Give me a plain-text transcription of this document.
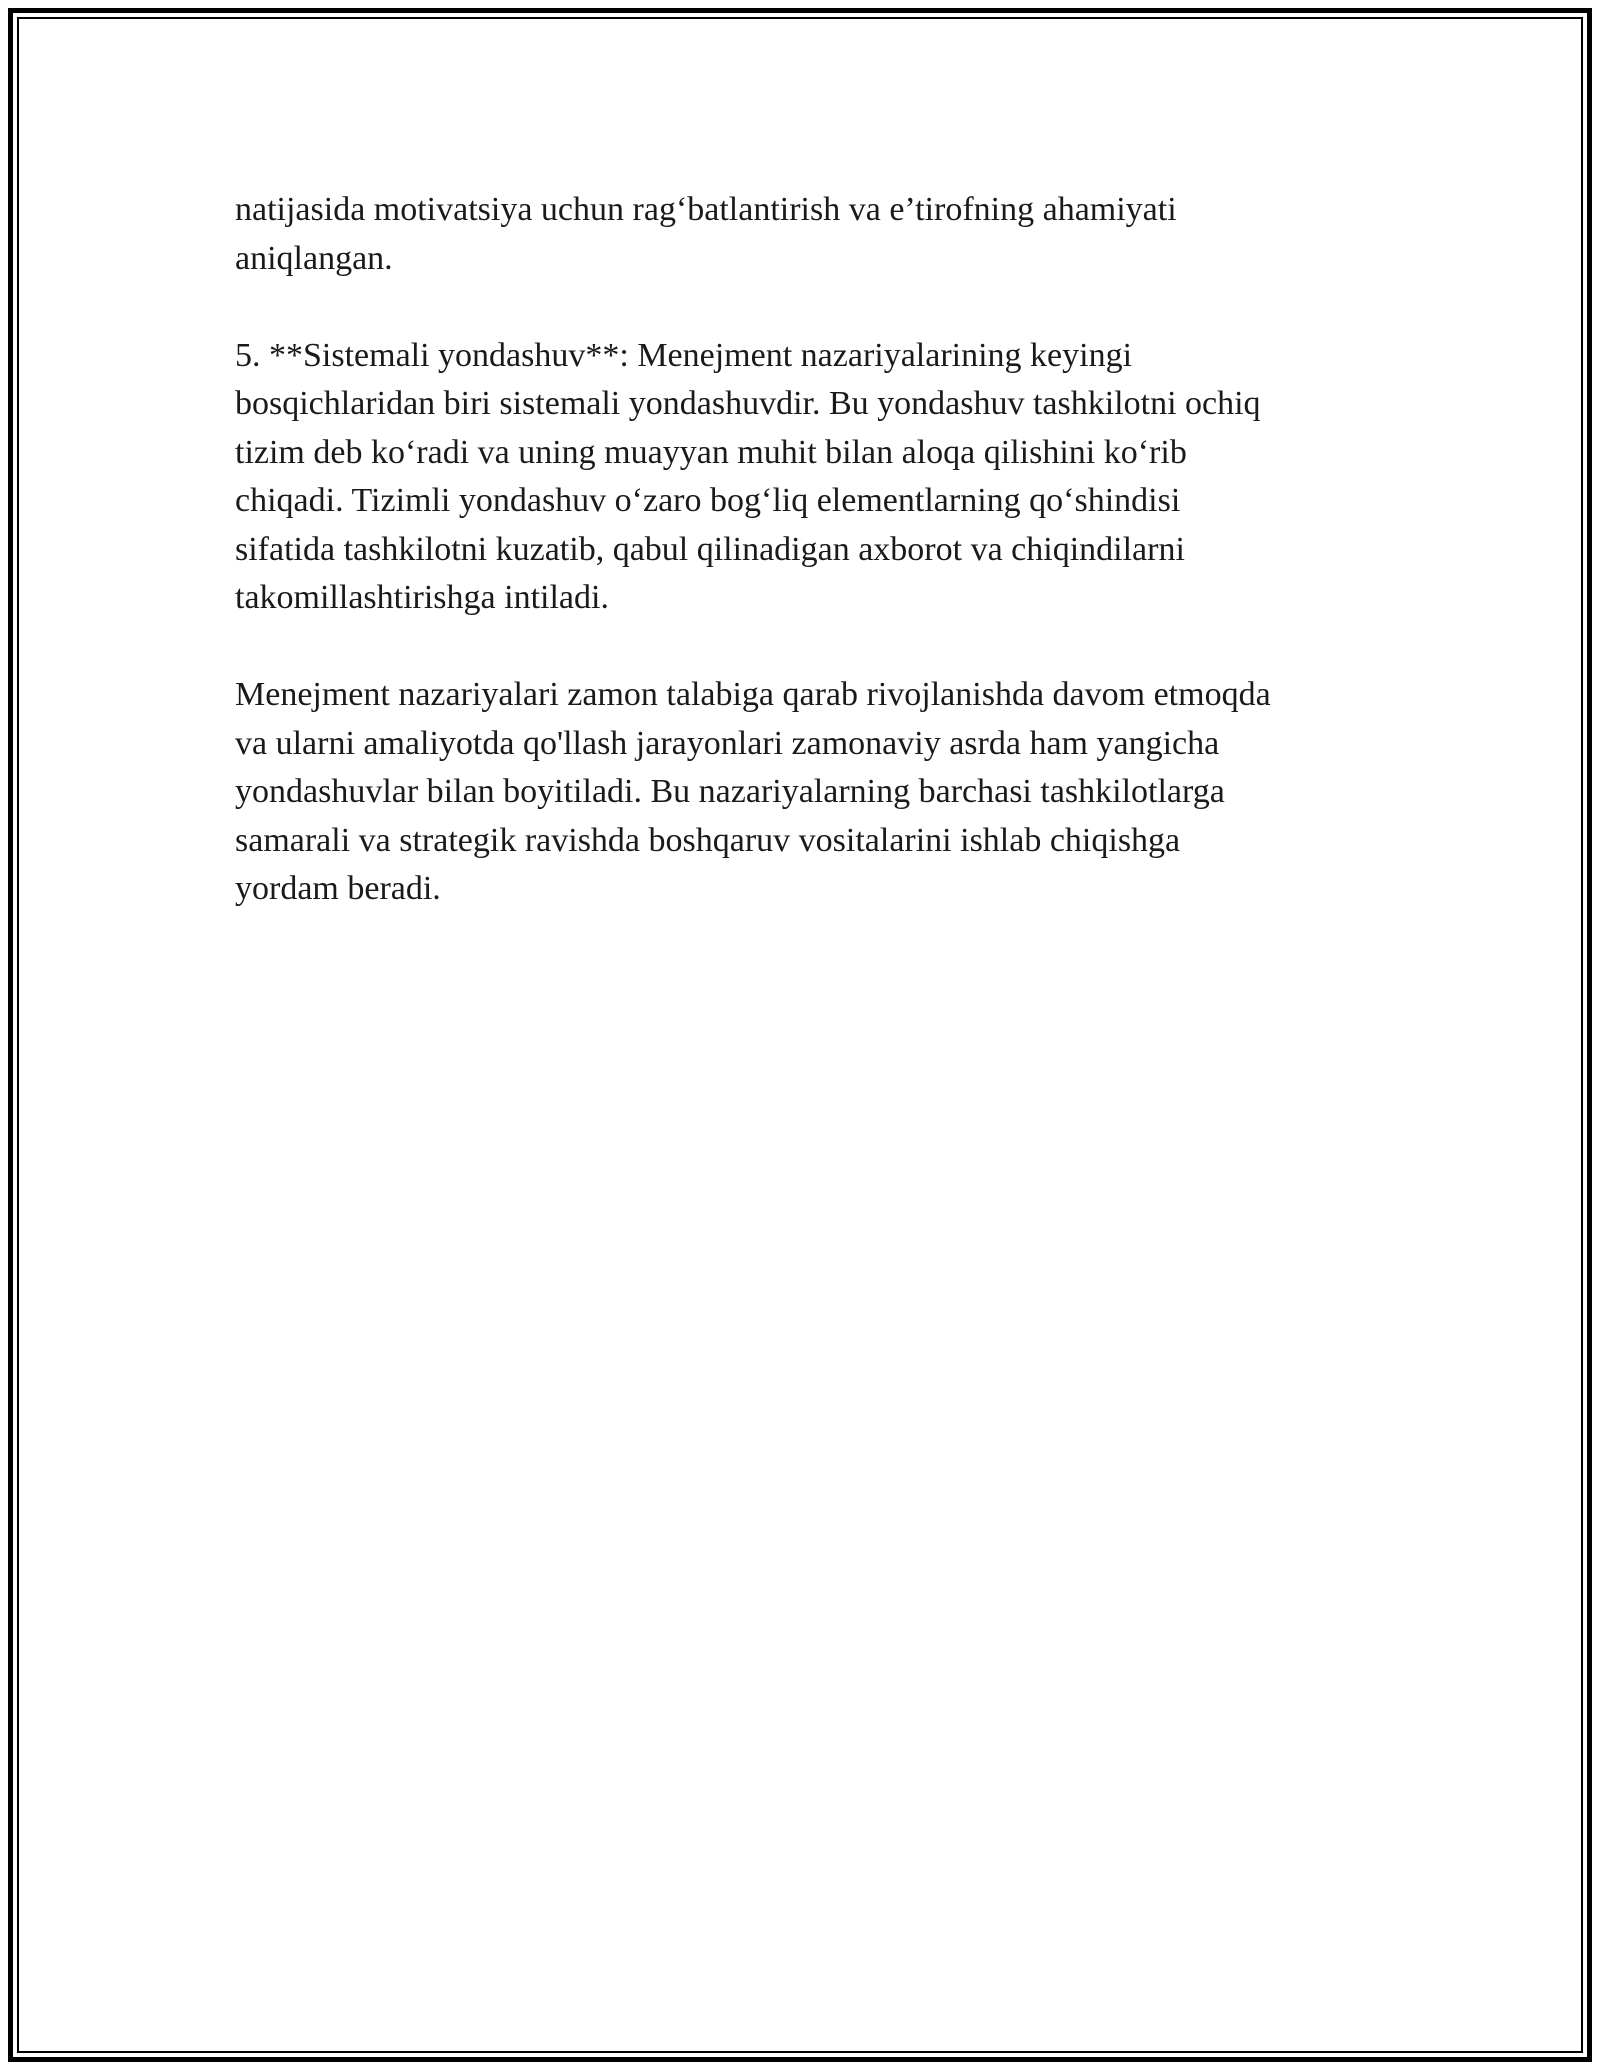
natijasida motivatsiya uchun rag‘batlantirish va e’tirofning ahamiyati
aniqlangan.

5. **Sistemali yondashuv**: Menejment nazariyalarining keyingi
bosqichlaridan biri sistemali yondashuvdir. Bu yondashuv tashkilotni ochiq
tizim deb ko‘radi va uning muayyan muhit bilan aloqa qilishini ko‘rib
chiqadi. Tizimli yondashuv o‘zaro bog‘liq elementlarning qo‘shindisi
sifatida tashkilotni kuzatib, qabul qilinadigan axborot va chiqindilarni
takomillashtirishga intiladi.

Menejment nazariyalari zamon talabiga qarab rivojlanishda davom etmoqda
va ularni amaliyotda qo'llash jarayonlari zamonaviy asrda ham yangicha
yondashuvlar bilan boyitiladi. Bu nazariyalarning barchasi tashkilotlarga
samarali va strategik ravishda boshqaruv vositalarini ishlab chiqishga
yordam beradi.
